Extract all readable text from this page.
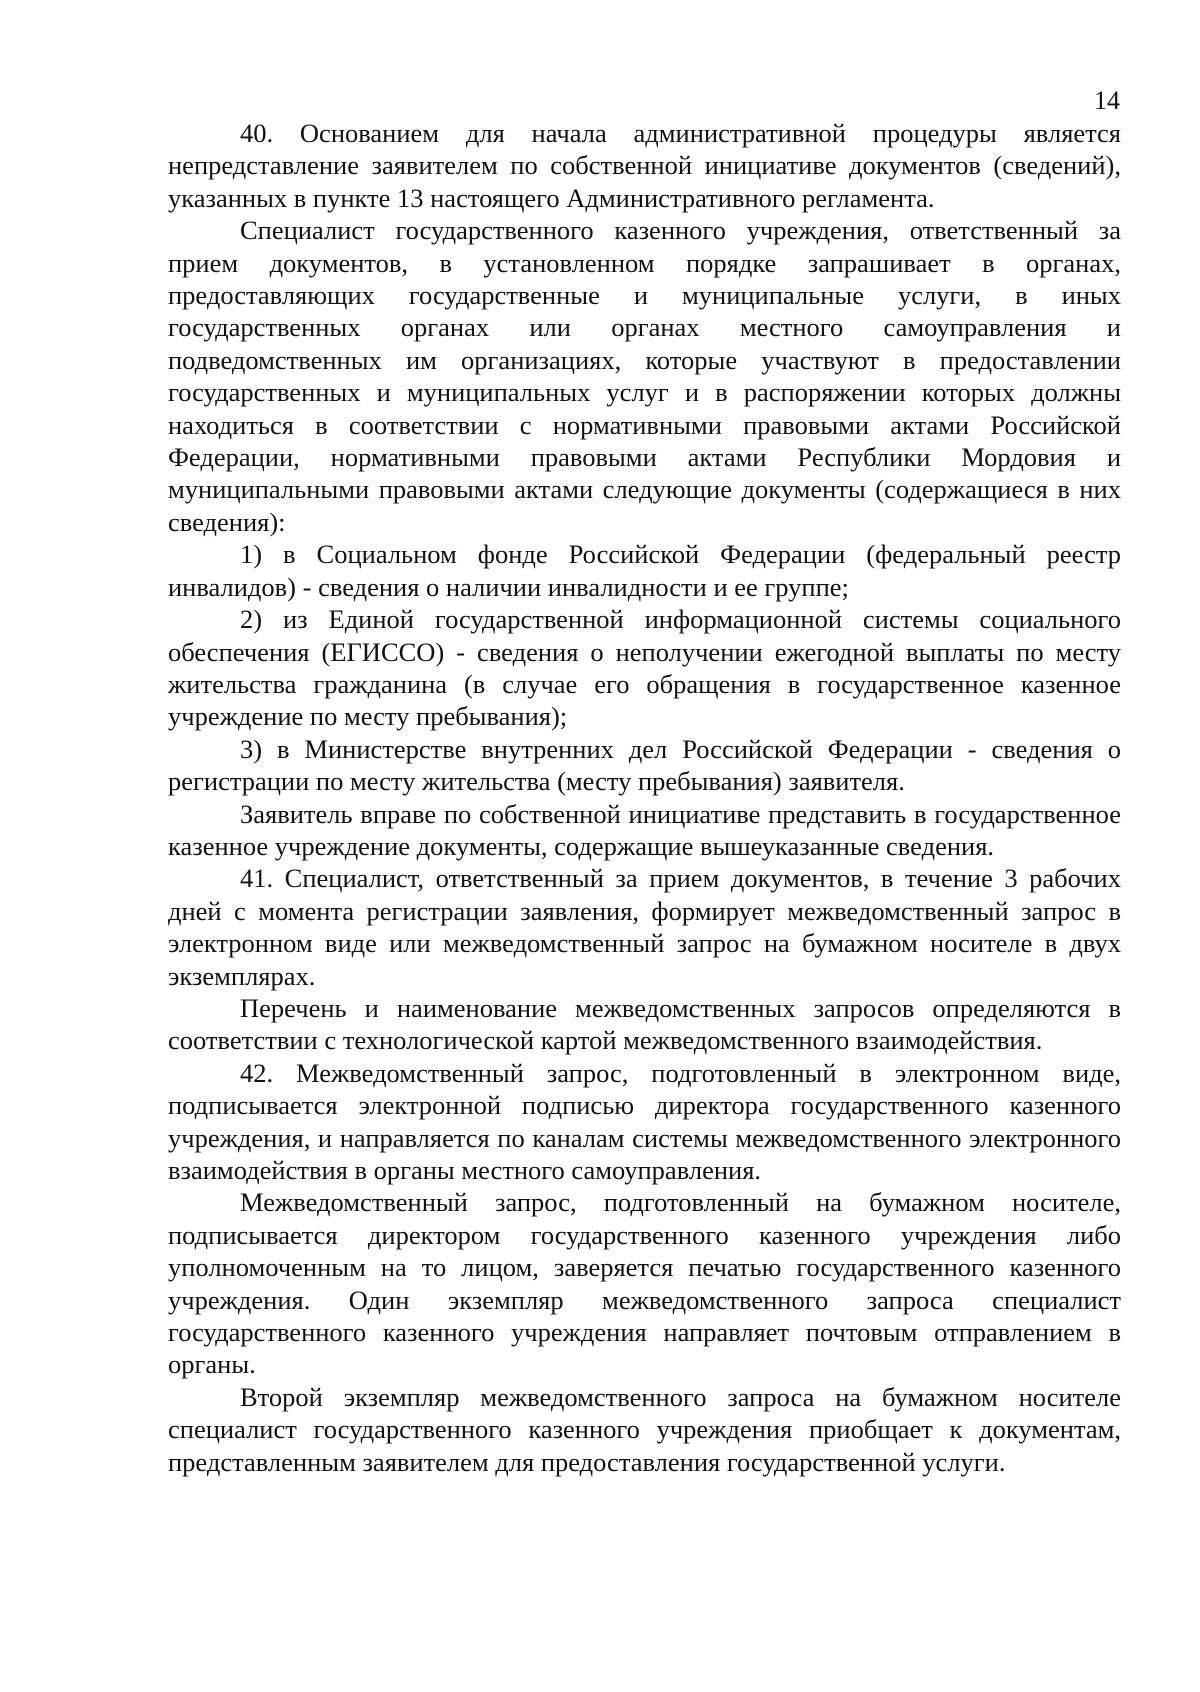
14

40. Основанием для начала административной процедуры является непредставление заявителем по собственной инициативе документов (сведений), указанных в пункте 13 настоящего Административного регламента.

Специалист государственного казенного учреждения, ответственный за прием документов, в установленном порядке запрашивает в органах, предоставляющих государственные и муниципальные услуги, в иных государственных органах или органах местного самоуправления и подведомственных им организациях, которые участвуют в предоставлении государственных и муниципальных услуг и в распоряжении которых должны находиться в соответствии с нормативными правовыми актами Российской Федерации, нормативными правовыми актами Республики Мордовия и муниципальными правовыми актами следующие документы (содержащиеся в них сведения):

1) в Социальном фонде Российской Федерации (федеральный реестр инвалидов) - сведения о наличии инвалидности и ее группе;

2) из Единой государственной информационной системы социального обеспечения (ЕГИССО) - сведения о неполучении ежегодной выплаты по месту жительства гражданина (в случае его обращения в государственное казенное учреждение по месту пребывания);

3) в Министерстве внутренних дел Российской Федерации - сведения о регистрации по месту жительства (месту пребывания) заявителя.

Заявитель вправе по собственной инициативе представить в государственное казенное учреждение документы, содержащие вышеуказанные сведения.

41. Специалист, ответственный за прием документов, в течение 3 рабочих дней с момента регистрации заявления, формирует межведомственный запрос в электронном виде или межведомственный запрос на бумажном носителе в двух экземплярах.

Перечень и наименование межведомственных запросов определяются в соответствии с технологической картой межведомственного взаимодействия.

42. Межведомственный запрос, подготовленный в электронном виде, подписывается электронной подписью директора государственного казенного учреждения, и направляется по каналам системы межведомственного электронного взаимодействия в органы местного самоуправления.

Межведомственный запрос, подготовленный на бумажном носителе, подписывается директором государственного казенного учреждения либо уполномоченным на то лицом, заверяется печатью государственного казенного учреждения. Один экземпляр межведомственного запроса специалист государственного казенного учреждения направляет почтовым отправлением в органы.

Второй экземпляр межведомственного запроса на бумажном носителе специалист государственного казенного учреждения приобщает к документам, представленным заявителем для предоставления государственной услуги.
